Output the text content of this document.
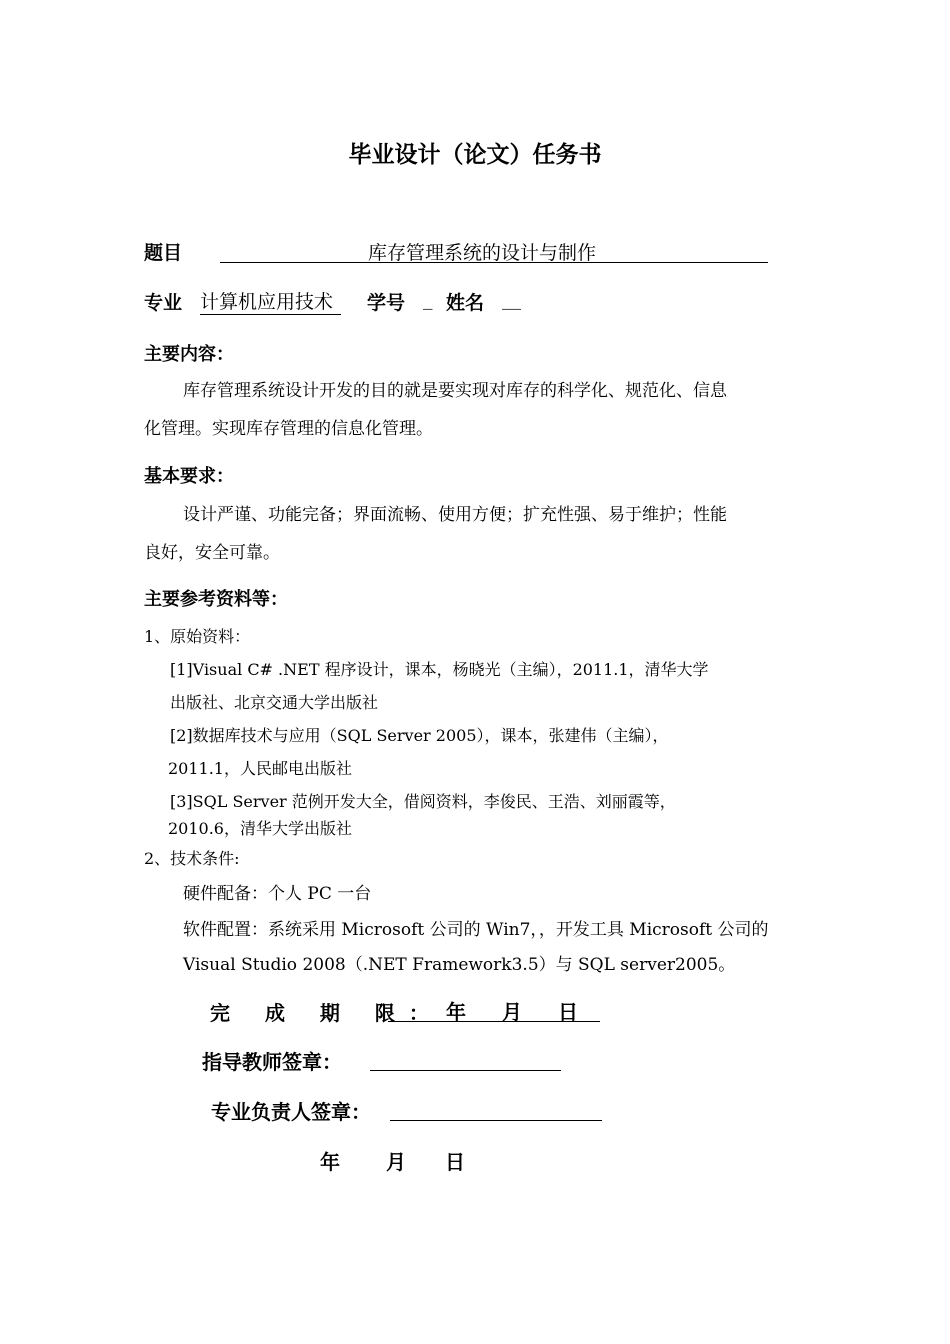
毕业设计（论文）任务书
题目	库存管理系统的设计与制作
专业 计算机应用技术	学号 _ 姓名 __
主要内容：
库存管理系统设计开发的目的就是要实现对库存的科学化、规范化、信息
化管理。实现库存管理的信息化管理。
基本要求：
设计严谨、功能完备；界面流畅、使用方便；扩充性强、易于维护；性能
良好，安全可靠。
主要参考资料等：
1、原始资料：
[1]Visual C# .NET 程序设计，课本，杨晓光（主编），2011.1，清华大学
出版社、北京交通大学出版社
[2]数据库技术与应用（SQL Server 2005），课本，张建伟（主编），
2011.1，人民邮电出版社
[3]SQL Server 范例开发大全，借阅资料，李俊民、王浩、刘丽霞等，
2010.6，清华大学出版社
2、技术条件:
硬件配备：个人 PC 一台
软件配置：系统采用 Microsoft 公司的 Win7，，开发工具 Microsoft 公司的
Visual Studio 2008（.NET Framework3.5）与 SQL server2005。
完 成 期 限： 年 月 日
指导教师签章：
专业负责人签章：
年 月 日
